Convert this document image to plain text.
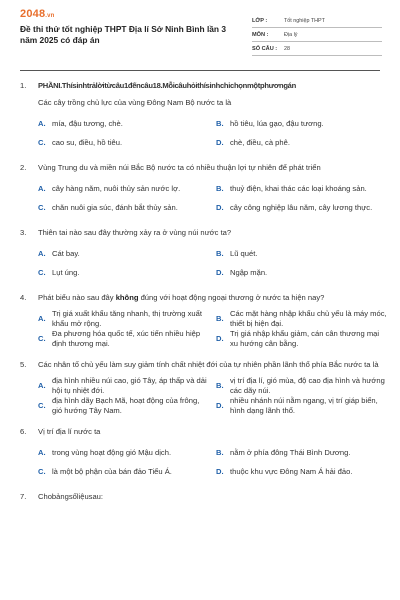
2048.vn
Đề thi thử tốt nghiệp THPT Địa lí Sở Ninh Bình lần 3 năm 2025 có đáp án
LỚP :	Tốt nghiệp THPT
MÔN :	Địa lý
SỐ CÂU :	28
1.	PHẦNI.Thísinhtrảlờitừcâu1đếncâu18.Mỗicâuhỏithísinhchichọnmộtphươngán
Các cây trồng chủ lực của vùng Đông Nam Bộ nước ta là
A. mía, đậu tương, chè.	B. hồ tiêu, lúa gạo, đậu tương.
C. cao su, điều, hồ tiêu.	D. chè, điều, cà phê.
2.	Vùng Trung du và miền núi Bắc Bộ nước ta có nhiều thuận lợi tự nhiên để phát triển
A. cây hàng năm, nuôi thủy sản nước lợ.	B. thuỷ điện, khai thác các loại khoáng sản.
C. chăn nuôi gia súc, đánh bắt thủy sản.	D. cây công nghiệp lâu năm, cây lương thực.
3.	Thiên tai nào sau đây thường xảy ra ở vùng núi nước ta?
A. Cát bay.	B. Lũ quét.
C. Lụt úng.	D. Ngập mặn.
4.	Phát biểu nào sau đây không đúng với hoạt động ngoại thương ở nước ta hiện nay?
A.
Trị giá xuất khẩu tăng nhanh, thị trường xuất khẩu mở rộng.
B.
Các mặt hàng nhập khẩu chủ yếu là máy móc, thiết bị hiện đại.
C.
Đa phương hóa quốc tế, xúc tiến nhiều hiệp định thương mại.
D.
Trị giá nhập khẩu giảm, cán cân thương mại xu hướng cân bằng.
5.	Các nhân tố chủ yếu làm suy giảm tính chất nhiệt đới của tự nhiên phần lãnh thổ phía Bắc nước ta là
A.
địa hình nhiều núi cao, gió Tây, áp thấp và dải hội tụ nhiệt đới.
B.
vị trí địa lí, gió mùa, độ cao địa hình và hướng các dãy núi.
C.
địa hình dãy Bạch Mã, hoạt động của frông, gió hướng Tây Nam.
D.
nhiều nhánh núi nằm ngang, vị trí giáp biển, hình dạng lãnh thổ.
6.	Vị trí địa lí nước ta
A. trong vùng hoạt động gió Mậu dịch.	B. nằm ở phía đông Thái Bình Dương.
C. là một bộ phận của bán đảo Tiểu Á.	D. thuộc khu vực Đông Nam Á hải đảo.
7.	Chobảngsốliệusau:
